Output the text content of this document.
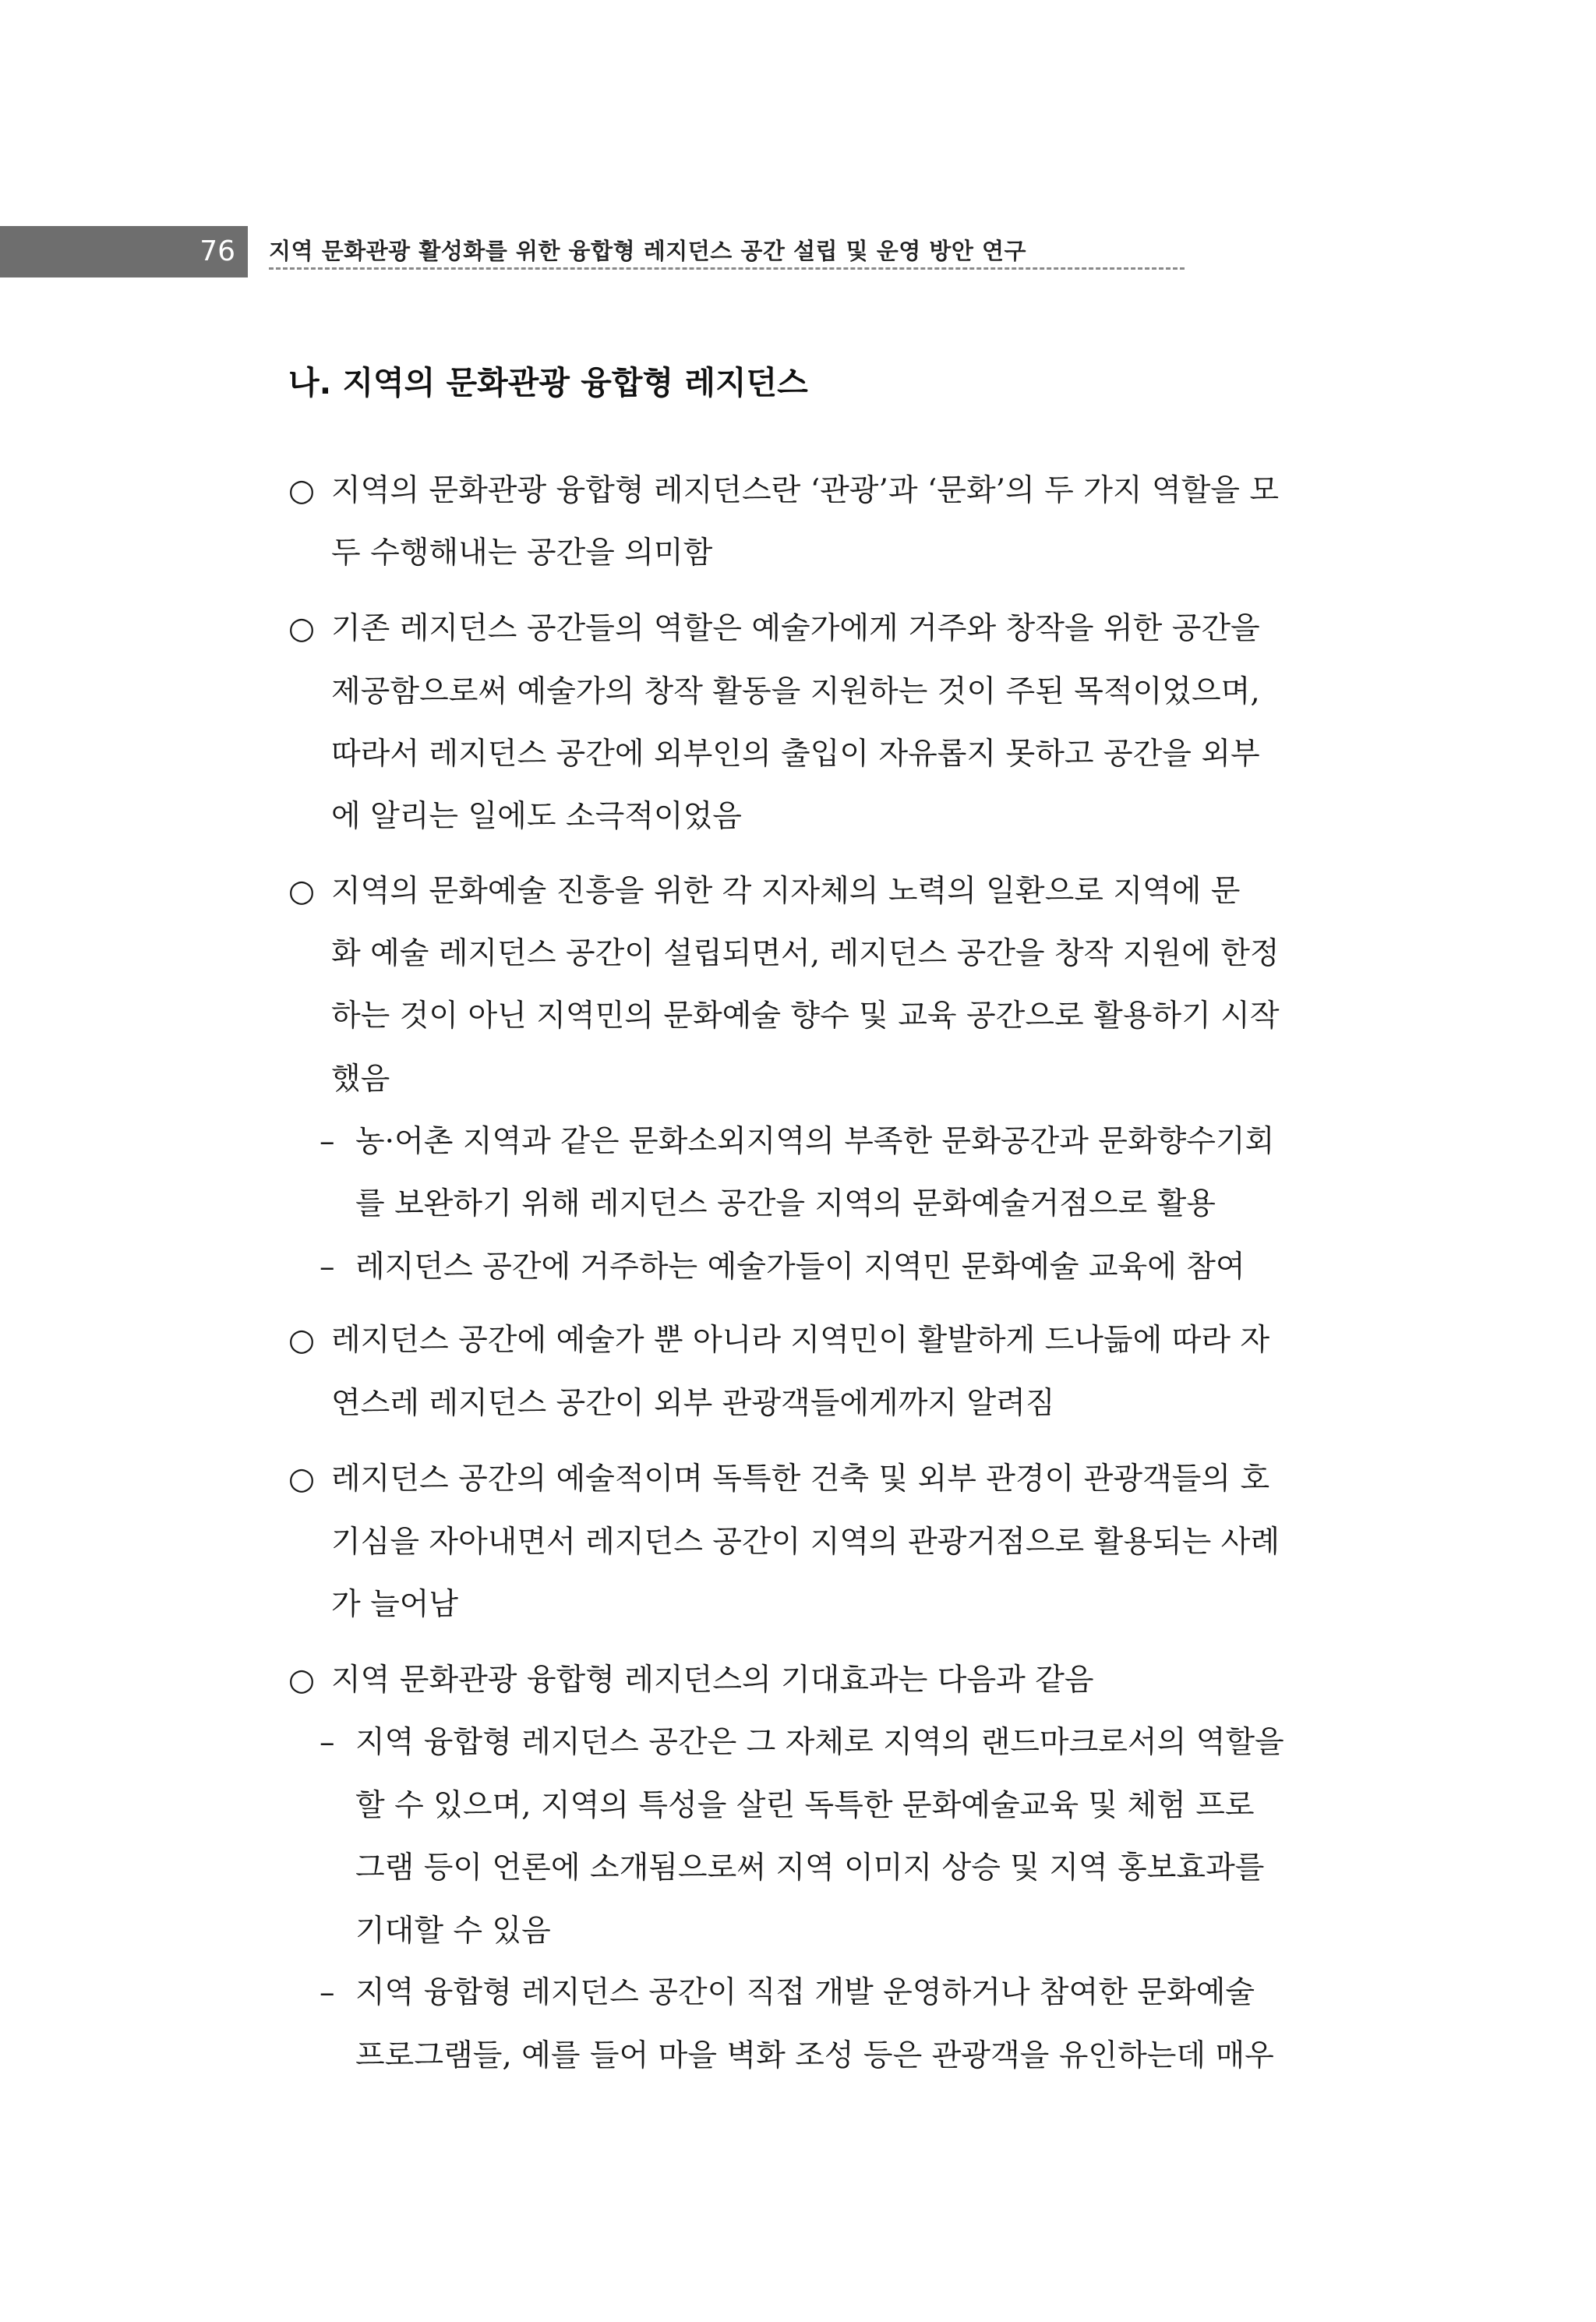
76	지역 문화관광 활성화를 위한 융합형 레지던스 공간 설립 및 운영 방안 연구
나. 지역의 문화관광 융합형 레지던스
○ 지역의 문화관광 융합형 레지던스란 ‘관광’과 ‘문화’의 두 가지 역할을 모
두 수행해내는 공간을 의미함
○ 기존 레지던스 공간들의 역할은 예술가에게 거주와 창작을 위한 공간을
제공함으로써 예술가의 창작 활동을 지원하는 것이 주된 목적이었으며,
따라서 레지던스 공간에 외부인의 출입이 자유롭지 못하고 공간을 외부
에 알리는 일에도 소극적이었음
○ 지역의 문화예술 진흥을 위한 각 지자체의 노력의 일환으로 지역에 문
화 예술 레지던스 공간이 설립되면서, 레지던스 공간을 창작 지원에 한정
하는 것이 아닌 지역민의 문화예술 향수 및 교육 공간으로 활용하기 시작
했음
– 농·어촌 지역과 같은 문화소외지역의 부족한 문화공간과 문화향수기회
를 보완하기 위해 레지던스 공간을 지역의 문화예술거점으로 활용
– 레지던스 공간에 거주하는 예술가들이 지역민 문화예술 교육에 참여
○ 레지던스 공간에 예술가 뿐 아니라 지역민이 활발하게 드나듦에 따라 자
연스레 레지던스 공간이 외부 관광객들에게까지 알려짐
○ 레지던스 공간의 예술적이며 독특한 건축 및 외부 관경이 관광객들의 호
기심을 자아내면서 레지던스 공간이 지역의 관광거점으로 활용되는 사례
가 늘어남
○ 지역 문화관광 융합형 레지던스의 기대효과는 다음과 같음
– 지역 융합형 레지던스 공간은 그 자체로 지역의 랜드마크로서의 역할을
할 수 있으며, 지역의 특성을 살린 독특한 문화예술교육 및 체험 프로
그램 등이 언론에 소개됨으로써 지역 이미지 상승 및 지역 홍보효과를
기대할 수 있음
– 지역 융합형 레지던스 공간이 직접 개발 운영하거나 참여한 문화예술
프로그램들, 예를 들어 마을 벽화 조성 등은 관광객을 유인하는데 매우
